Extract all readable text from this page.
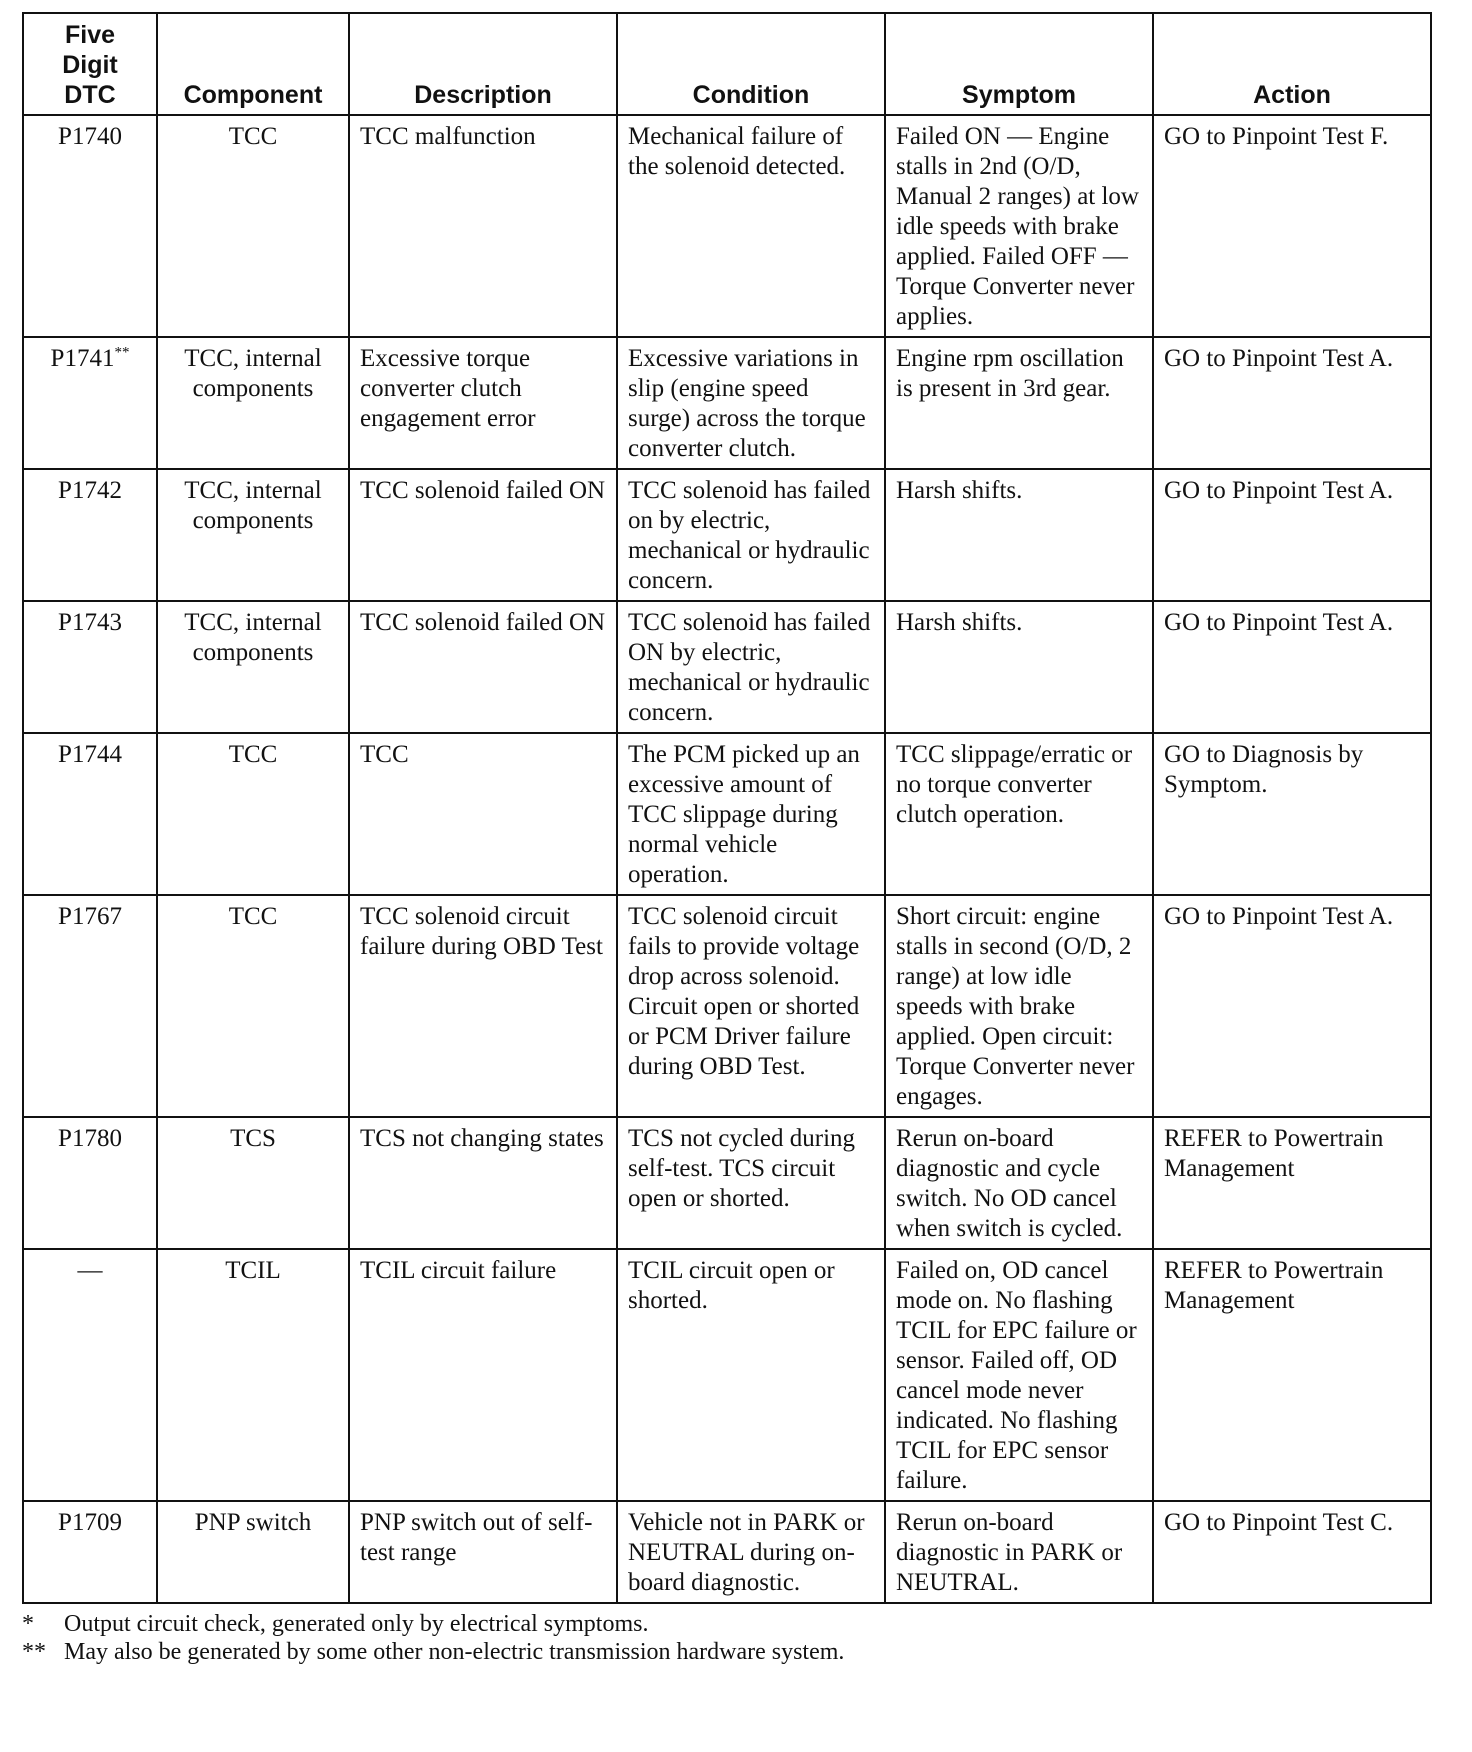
Five
Digit
DTC	Component	Description	Condition	Symptom	Action
P1740	TCC	TCC malfunction	Mechanical failure of the solenoid detected.	Failed ON — Engine stalls in 2nd (O/D, Manual 2 ranges) at low idle speeds with brake applied. Failed OFF — Torque Converter never applies.	GO to Pinpoint Test F.
P1741**	TCC, internal components	Excessive torque converter clutch engagement error	Excessive variations in slip (engine speed surge) across the torque converter clutch.	Engine rpm oscillation is present in 3rd gear.	GO to Pinpoint Test A.
P1742	TCC, internal components	TCC solenoid failed ON	TCC solenoid has failed on by electric, mechanical or hydraulic concern.	Harsh shifts.	GO to Pinpoint Test A.
P1743	TCC, internal components	TCC solenoid failed ON	TCC solenoid has failed ON by electric, mechanical or hydraulic concern.	Harsh shifts.	GO to Pinpoint Test A.
P1744	TCC	TCC	The PCM picked up an excessive amount of TCC slippage during normal vehicle operation.	TCC slippage/erratic or no torque converter clutch operation.	GO to Diagnosis by Symptom.
P1767	TCC	TCC solenoid circuit failure during OBD Test	TCC solenoid circuit fails to provide voltage drop across solenoid. Circuit open or shorted or PCM Driver failure during OBD Test.	Short circuit: engine stalls in second (O/D, 2 range) at low idle speeds with brake applied. Open circuit: Torque Converter never engages.	GO to Pinpoint Test A.
P1780	TCS	TCS not changing states	TCS not cycled during self-test. TCS circuit open or shorted.	Rerun on-board diagnostic and cycle switch. No OD cancel when switch is cycled.	REFER to Powertrain Management
—	TCIL	TCIL circuit failure	TCIL circuit open or shorted.	Failed on, OD cancel mode on. No flashing TCIL for EPC failure or sensor. Failed off, OD cancel mode never indicated. No flashing TCIL for EPC sensor failure.	REFER to Powertrain Management
P1709	PNP switch	PNP switch out of self-test range	Vehicle not in PARK or NEUTRAL during on-board diagnostic.	Rerun on-board diagnostic in PARK or NEUTRAL.	GO to Pinpoint Test C.
*	Output circuit check, generated only by electrical symptoms.
** May also be generated by some other non-electric transmission hardware system.
